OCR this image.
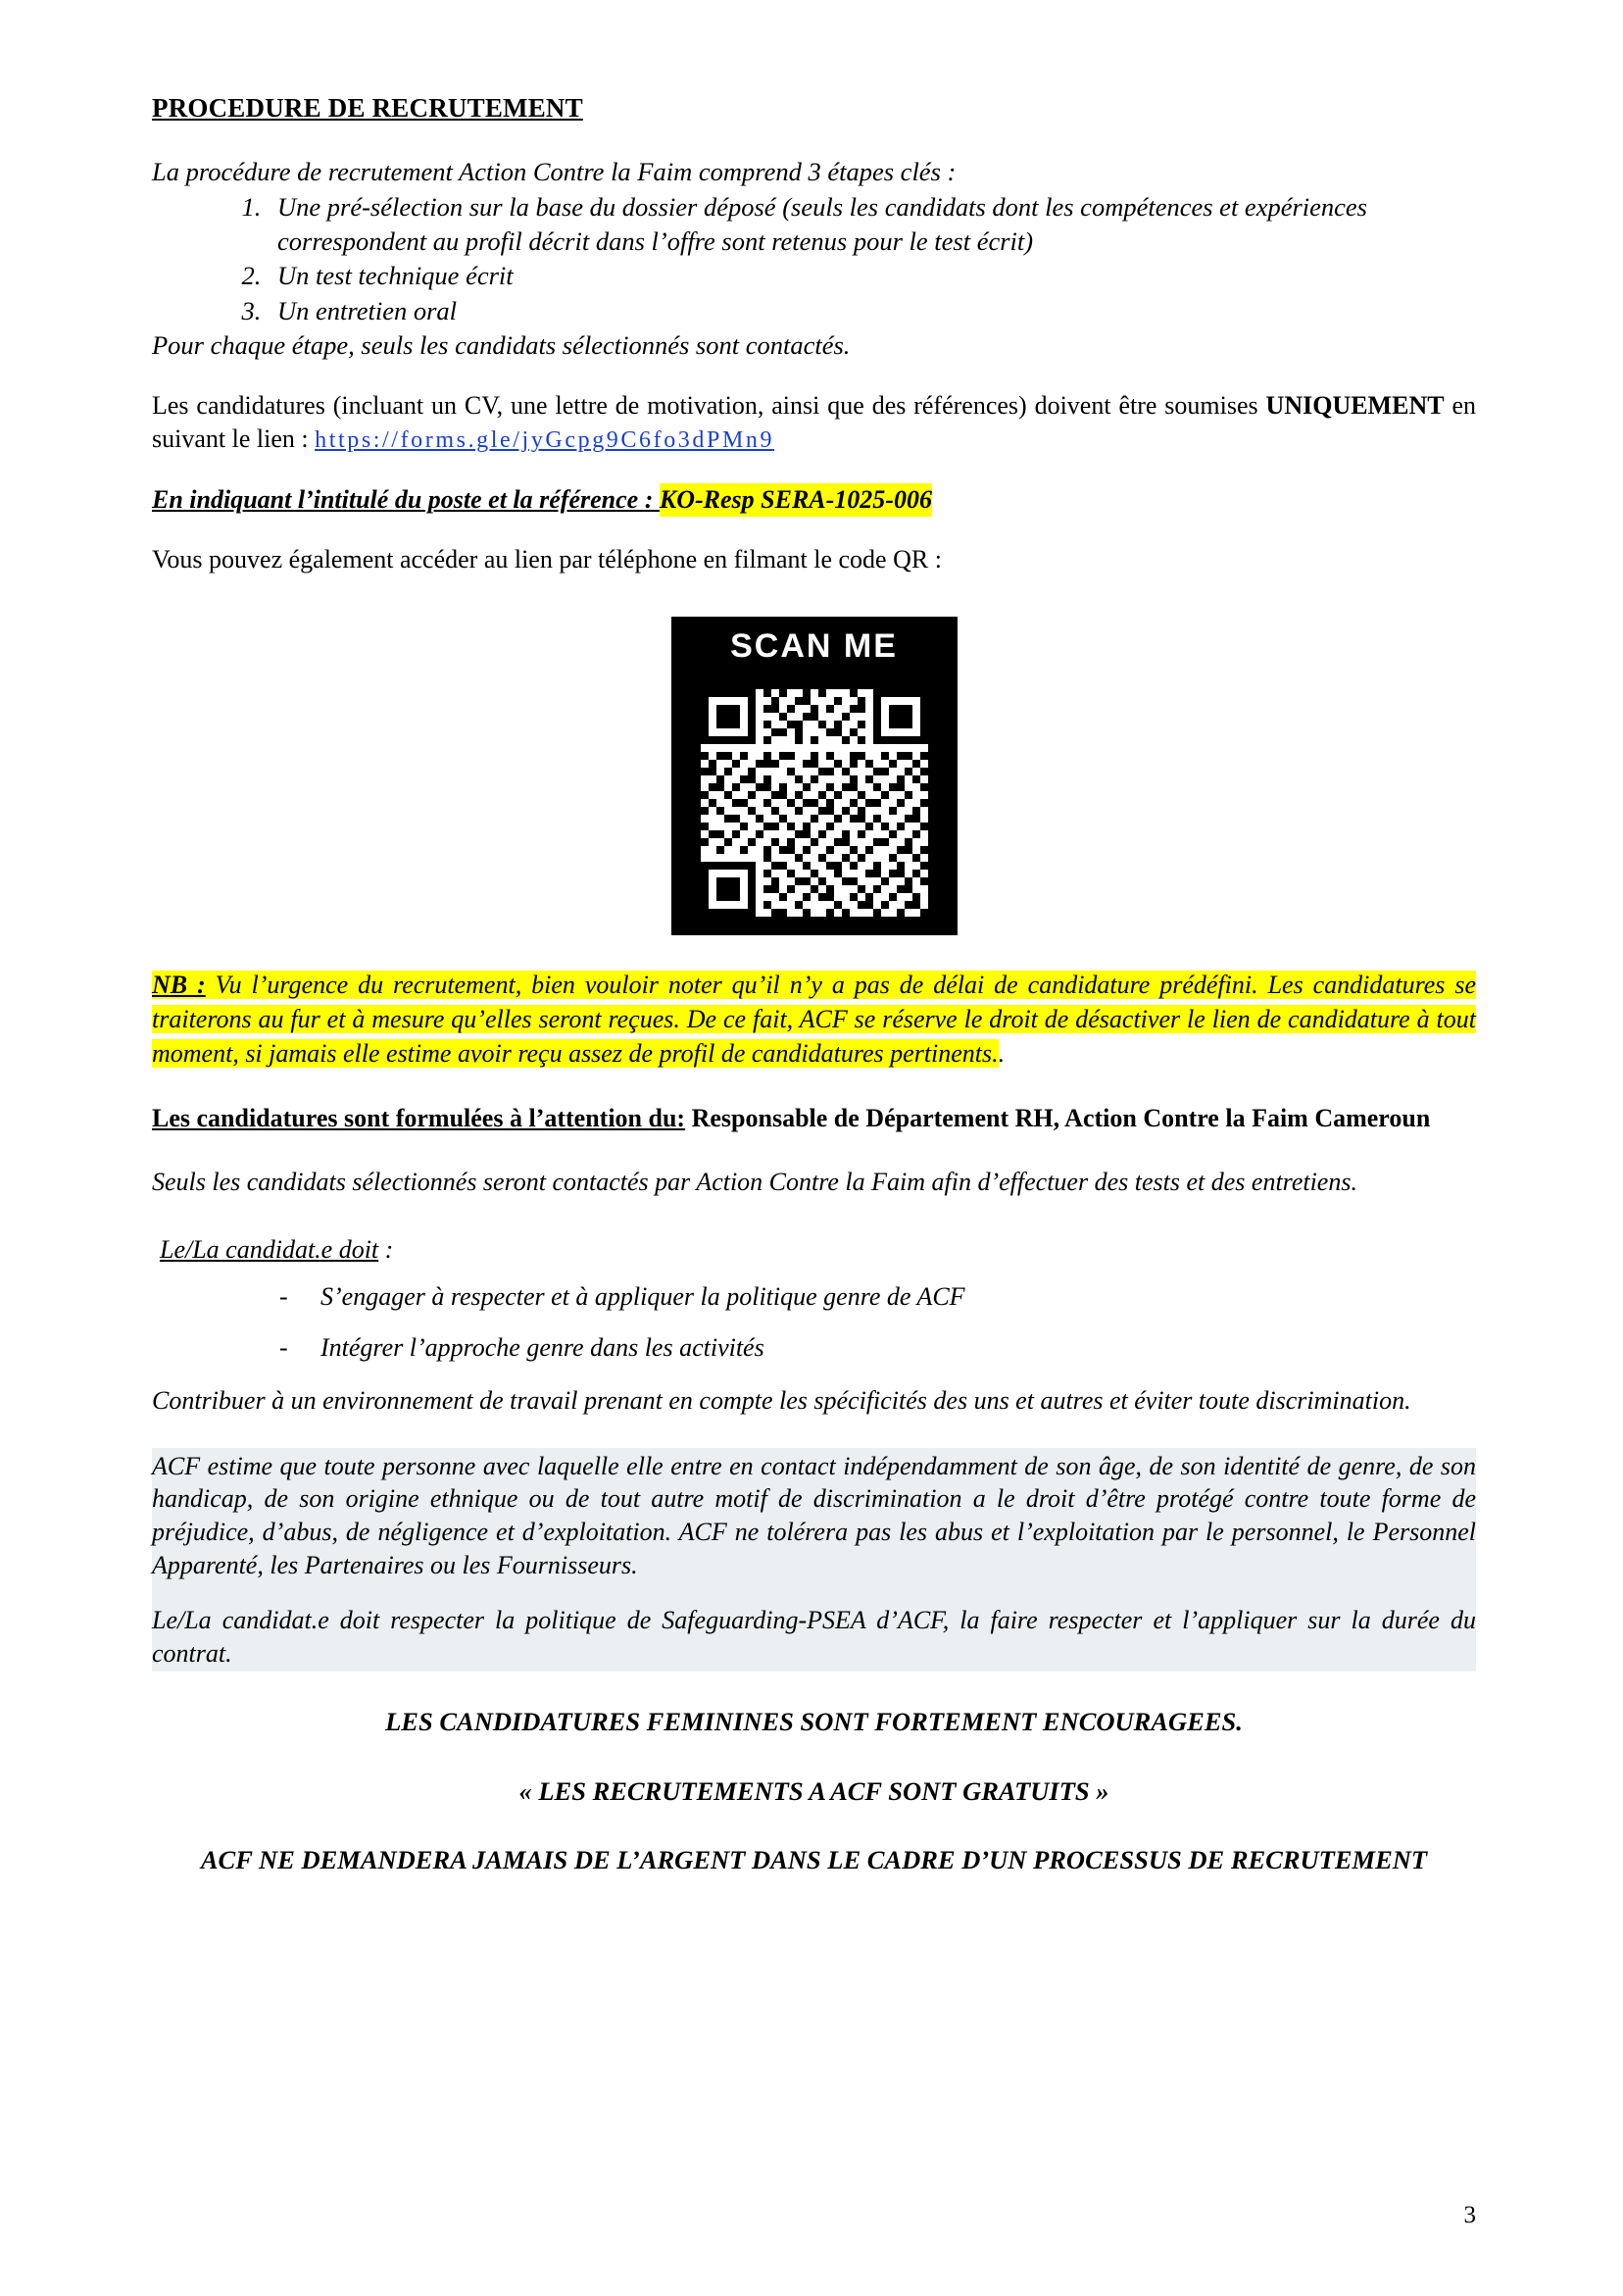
PROCEDURE DE RECRUTEMENT

La procédure de recrutement Action Contre la Faim comprend 3 étapes clés :

1. Une pré-sélection sur la base du dossier déposé (seuls les candidats dont les compétences et expériences correspondent au profil décrit dans l’offre sont retenus pour le test écrit)
2. Un test technique écrit
3. Un entretien oral

Pour chaque étape, seuls les candidats sélectionnés sont contactés.

Les candidatures (incluant un CV, une lettre de motivation, ainsi que des références) doivent être soumises UNIQUEMENT en suivant le lien : https://forms.gle/jyGcpg9C6fo3dPMn9

En indiquant l’intitulé du poste et la référence : KO-Resp SERA-1025-006

Vous pouvez également accéder au lien par téléphone en filmant le code QR :

SCAN ME

NB : Vu l’urgence du recrutement, bien vouloir noter qu’il n’y a pas de délai de candidature prédéfini. Les candidatures se traiterons au fur et à mesure qu’elles seront reçues. De ce fait, ACF se réserve le droit de désactiver le lien de candidature à tout moment, si jamais elle estime avoir reçu assez de profil de candidatures pertinents..

Les candidatures sont formulées à l’attention du: Responsable de Département RH, Action Contre la Faim Cameroun

Seuls les candidats sélectionnés seront contactés par Action Contre la Faim afin d’effectuer des tests et des entretiens.

Le/La candidat.e doit :

- S’engager à respecter et à appliquer la politique genre de ACF
- Intégrer l’approche genre dans les activités

Contribuer à un environnement de travail prenant en compte les spécificités des uns et autres et éviter toute discrimination.

ACF estime que toute personne avec laquelle elle entre en contact indépendamment de son âge, de son identité de genre, de son handicap, de son origine ethnique ou de tout autre motif de discrimination a le droit d’être protégé contre toute forme de préjudice, d’abus, de négligence et d’exploitation. ACF ne tolérera pas les abus et l’exploitation par le personnel, le Personnel Apparenté, les Partenaires ou les Fournisseurs.

Le/La candidat.e doit respecter la politique de Safeguarding-PSEA d’ACF, la faire respecter et l’appliquer sur la durée du contrat.

LES CANDIDATURES FEMININES SONT FORTEMENT ENCOURAGEES.

« LES RECRUTEMENTS A ACF SONT GRATUITS »

ACF NE DEMANDERA JAMAIS DE L’ARGENT DANS LE CADRE D’UN PROCESSUS DE RECRUTEMENT

3
